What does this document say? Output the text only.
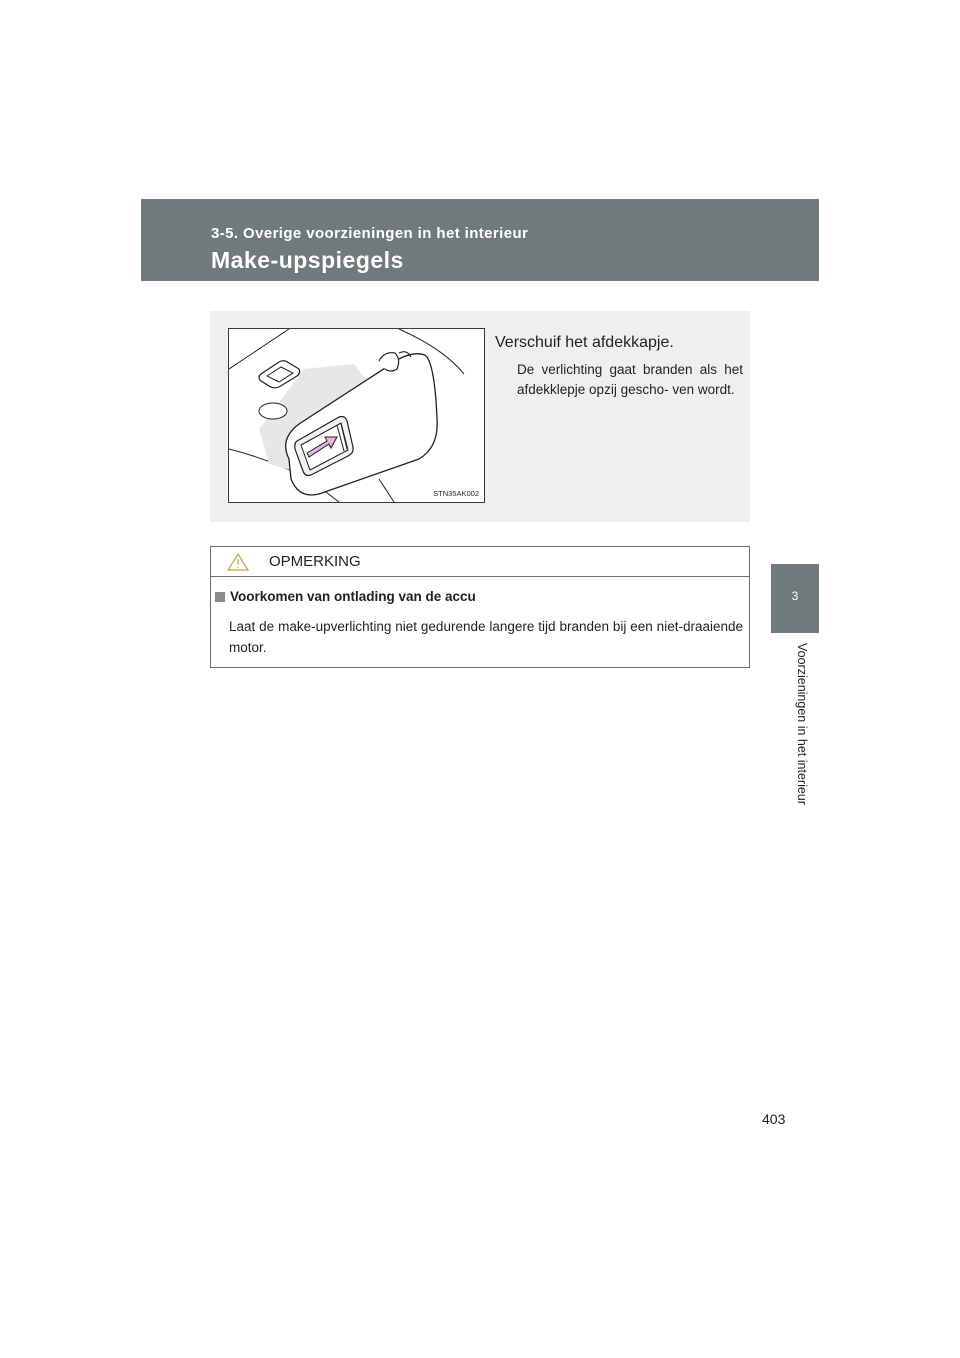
3-5. Overige voorzieningen in het interieur
Make-upspiegels
3
Voorzieningen in het interieur
STN35AK002
Verschuif het afdekkapje.
De verlichting gaat branden als het afdekklepje opzij gescho- ven wordt.
OPMERKING
Voorkomen van ontlading van de accu
Laat de make-upverlichting niet gedurende langere tijd branden bij een niet-draaiende motor.
403
